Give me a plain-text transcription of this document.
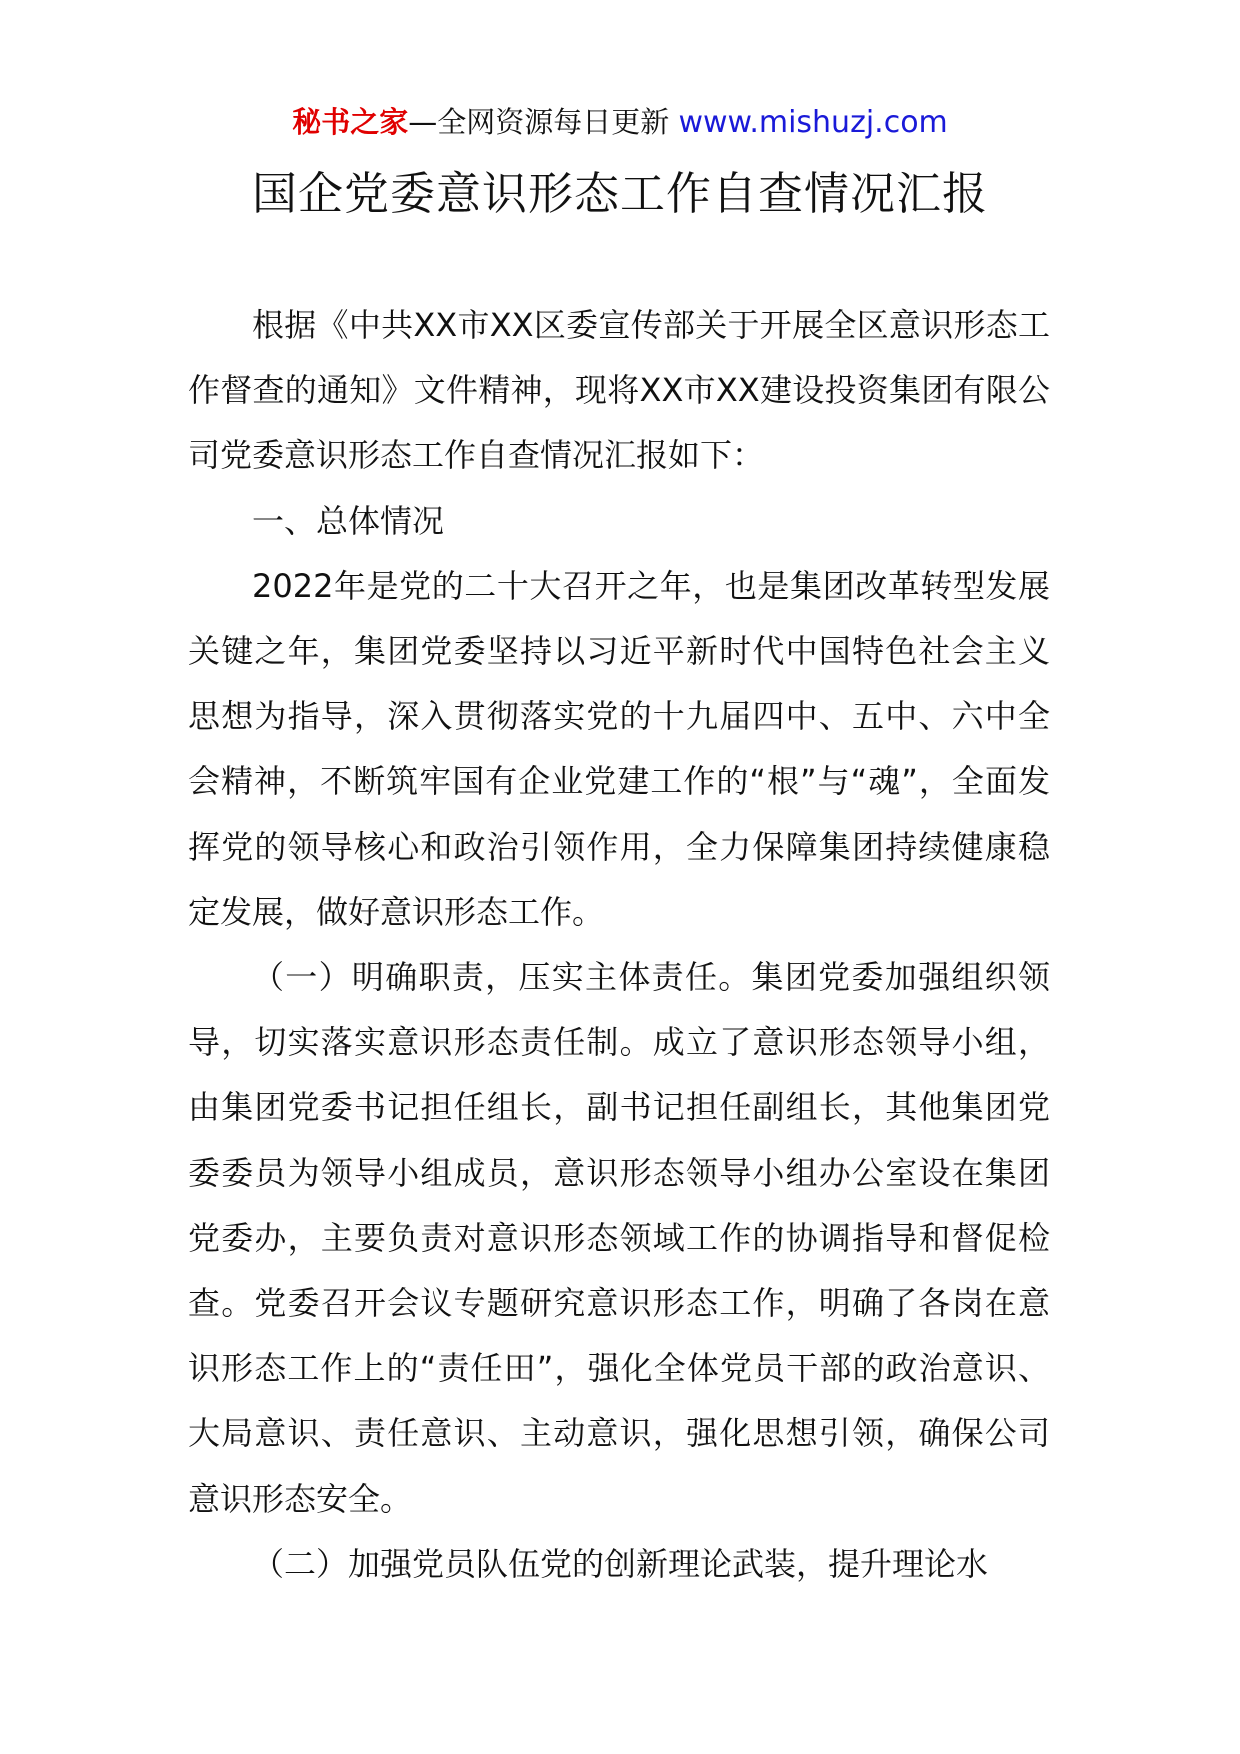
秘书之家—全网资源每日更新 www.mishuzj.com
国企党委意识形态工作自查情况汇报

根据《中共XX市XX区委宣传部关于开展全区意识形态工作督查的通知》文件精神，现将XX市XX建设投资集团有限公司党委意识形态工作自查情况汇报如下：

一、总体情况

2022年是党的二十大召开之年，也是集团改革转型发展关键之年，集团党委坚持以习近平新时代中国特色社会主义思想为指导，深入贯彻落实党的十九届四中、五中、六中全会精神，不断筑牢国有企业党建工作的“根”与“魂”，全面发挥党的领导核心和政治引领作用，全力保障集团持续健康稳定发展，做好意识形态工作。

（一）明确职责，压实主体责任。集团党委加强组织领导，切实落实意识形态责任制。成立了意识形态领导小组，由集团党委书记担任组长，副书记担任副组长，其他集团党委委员为领导小组成员，意识形态领导小组办公室设在集团党委办，主要负责对意识形态领域工作的协调指导和督促检查。党委召开会议专题研究意识形态工作，明确了各岗在意识形态工作上的“责任田”，强化全体党员干部的政治意识、大局意识、责任意识、主动意识，强化思想引领，确保公司意识形态安全。

（二）加强党员队伍党的创新理论武装，提升理论水
